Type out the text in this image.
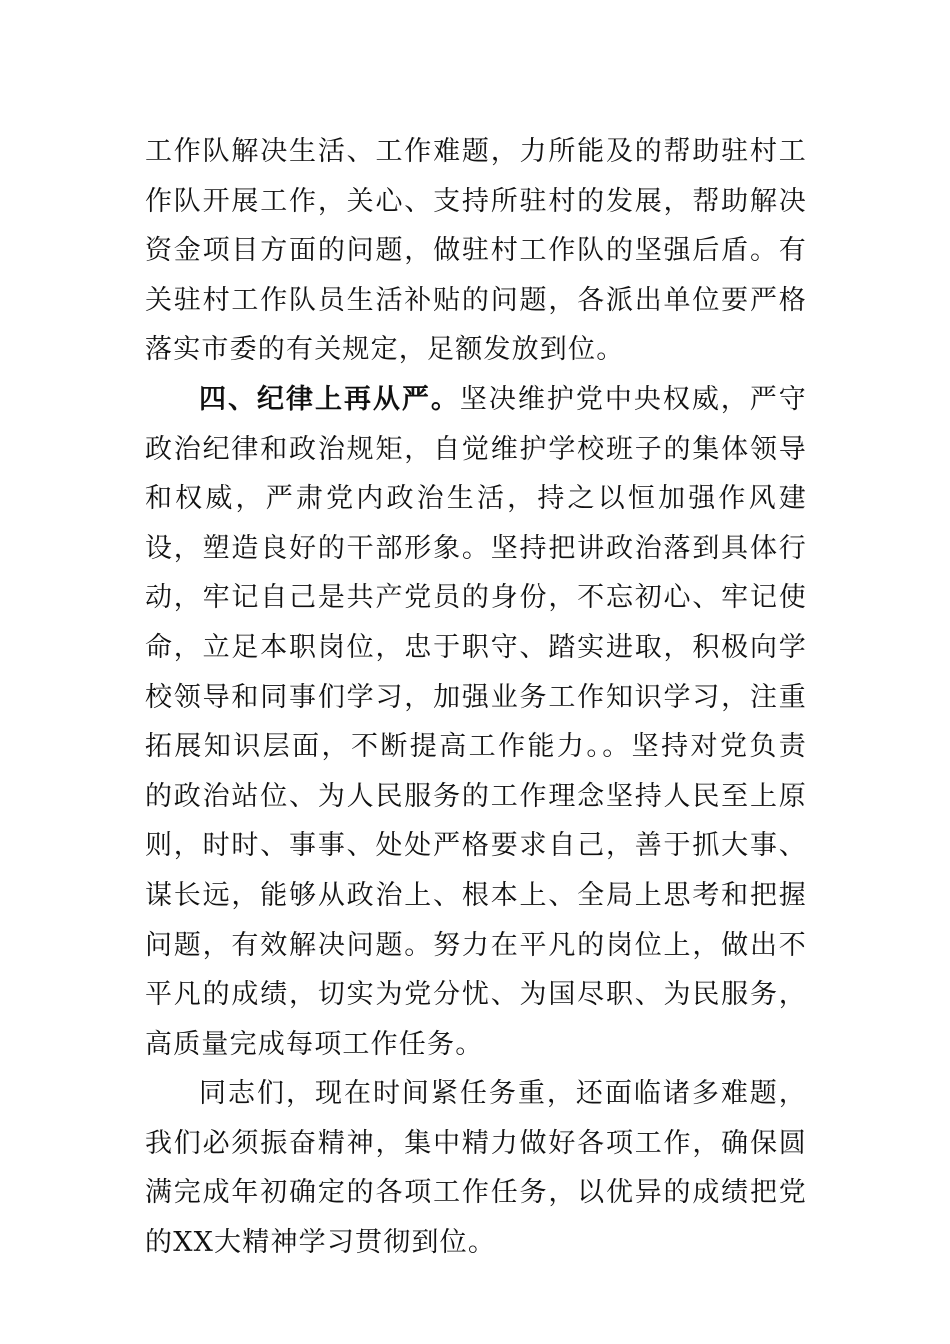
工作队解决生活、工作难题，力所能及的帮助驻村工作队开展工作，关心、支持所驻村的发展，帮助解决资金项目方面的问题，做驻村工作队的坚强后盾。有关驻村工作队员生活补贴的问题，各派出单位要严格落实市委的有关规定，足额发放到位。

四、纪律上再从严。坚决维护党中央权威，严守政治纪律和政治规矩，自觉维护学校班子的集体领导和权威，严肃党内政治生活，持之以恒加强作风建设，塑造良好的干部形象。坚持把讲政治落到具体行动，牢记自己是共产党员的身份，不忘初心、牢记使命，立足本职岗位，忠于职守、踏实进取，积极向学校领导和同事们学习，加强业务工作知识学习，注重拓展知识层面，不断提高工作能力。。坚持对党负责的政治站位、为人民服务的工作理念坚持人民至上原则，时时、事事、处处严格要求自己，善于抓大事、谋长远，能够从政治上、根本上、全局上思考和把握问题，有效解决问题。努力在平凡的岗位上，做出不平凡的成绩，切实为党分忧、为国尽职、为民服务，高质量完成每项工作任务。

同志们，现在时间紧任务重，还面临诸多难题，我们必须振奋精神，集中精力做好各项工作，确保圆满完成年初确定的各项工作任务，以优异的成绩把党的XX大精神学习贯彻到位。
